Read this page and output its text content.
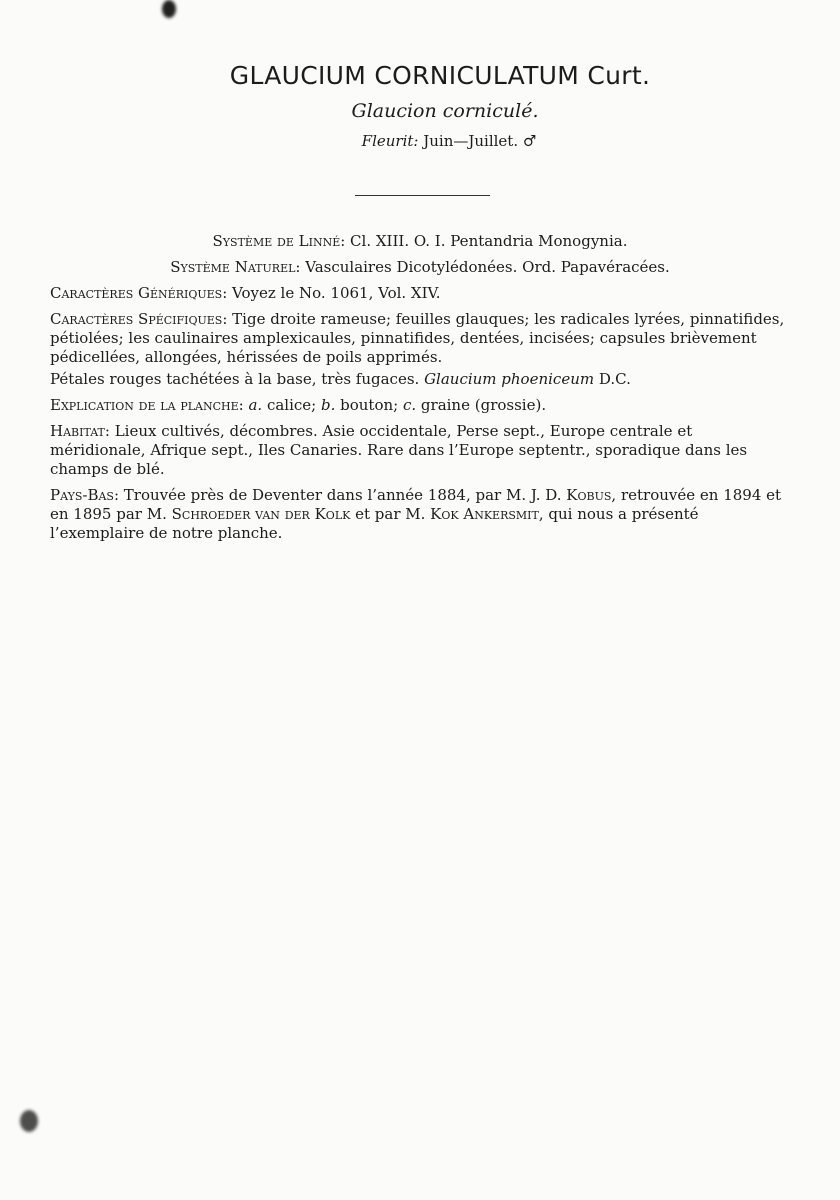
GLAUCIUM CORNICULATUM Curt.
Glaucion corniculé.
Fleurit: Juin—Juillet. ♂
Système de Linné: Cl. XIII. O. I. Pentandria Monogynia.
Système Naturel: Vasculaires Dicotylédonées. Ord. Papavéracées.
Caractères Génériques: Voyez le No. 1061, Vol. XIV.
Caractères Spécifiques: Tige droite rameuse; feuilles glauques; les radicales lyrées, pinnatifides, pétiolées; les caulinaires amplexicaules, pinnatifides, dentées, incisées; capsules brièvement pédicellées, allongées, hérissées de poils apprimés.
Pétales rouges tachétées à la base, très fugaces. Glaucium phoeniceum D.C.
Explication de la planche: a. calice; b. bouton; c. graine (grossie).
Habitat: Lieux cultivés, décombres. Asie occidentale, Perse sept., Europe centrale et méridionale, Afrique sept., Iles Canaries. Rare dans l’Europe septentr., sporadique dans les champs de blé.
Pays-Bas: Trouvée près de Deventer dans l’année 1884, par M. J. D. Kobus, retrouvée en 1894 et en 1895 par M. Schroeder van der Kolk et par M. Kok Ankersmit, qui nous a présenté l’exemplaire de notre planche.
